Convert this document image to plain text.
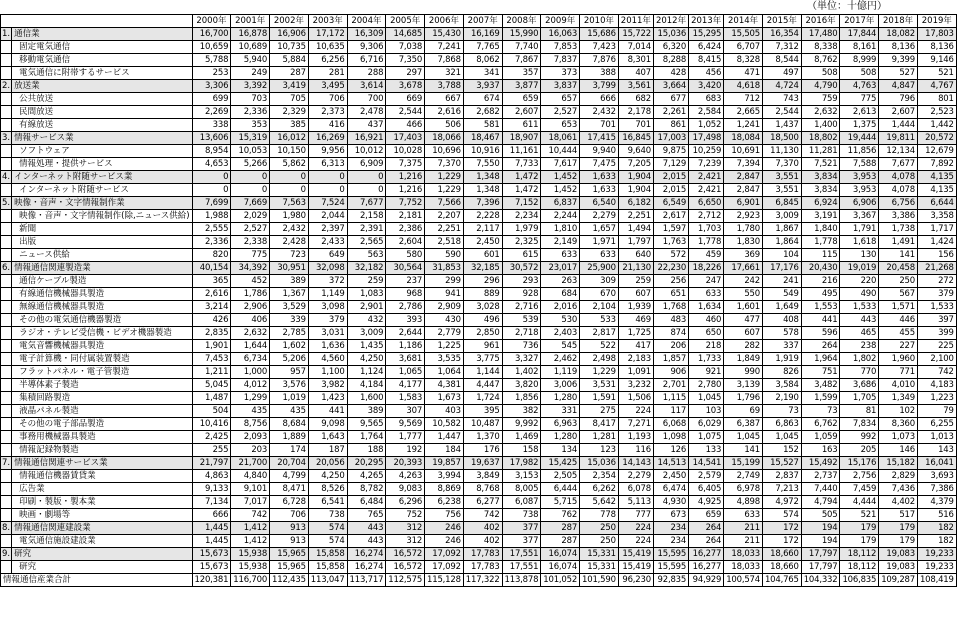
（単位：十億円）
		2000年	2001年	2002年	2003年	2004年	2005年	2006年	2007年	2008年	2009年	2010年	2011年	2012年	2013年	2014年	2015年	2016年	2017年	2018年	2019年
1.	通信業	16,700	16,878	16,906	17,172	16,309	14,685	15,430	16,169	15,990	16,063	15,686	15,722	15,036	15,295	15,505	16,354	17,480	17,844	18,082	17,803
	固定電気通信	10,659	10,689	10,735	10,635	9,306	7,038	7,241	7,765	7,740	7,853	7,423	7,014	6,320	6,424	6,707	7,312	8,338	8,161	8,136	8,136
	移動電気通信	5,788	5,940	5,884	6,256	6,716	7,350	7,868	8,062	7,867	7,837	7,876	8,301	8,288	8,415	8,328	8,544	8,762	8,999	9,399	9,146
	電気通信に附帯するサービス	253	249	287	281	288	297	321	341	357	373	388	407	428	456	471	497	508	508	527	521
2.	放送業	3,306	3,392	3,419	3,495	3,614	3,678	3,788	3,937	3,877	3,837	3,799	3,561	3,664	3,420	4,618	4,724	4,790	4,763	4,847	4,767
	公共放送	699	703	705	706	700	669	667	674	659	657	666	682	677	683	712	743	759	775	796	801
	民間放送	2,269	2,336	2,329	2,373	2,478	2,544	2,616	2,682	2,607	2,527	2,432	2,178	2,261	2,584	2,665	2,544	2,632	2,613	2,607	2,523
	有線放送	338	353	385	416	437	466	506	581	611	653	701	701	861	1,052	1,241	1,437	1,400	1,375	1,444	1,442
3.	情報サービス業	13,606	15,319	16,012	16,269	16,921	17,403	18,066	18,467	18,907	18,061	17,415	16,845	17,003	17,498	18,084	18,500	18,802	19,444	19,811	20,572
	ソフトウェア	8,954	10,053	10,150	9,956	10,012	10,028	10,696	10,916	11,161	10,444	9,940	9,640	9,875	10,259	10,691	11,130	11,281	11,856	12,134	12,679
	情報処理・提供サービス	4,653	5,266	5,862	6,313	6,909	7,375	7,370	7,550	7,733	7,617	7,475	7,205	7,129	7,239	7,394	7,370	7,521	7,588	7,677	7,892
4.	インターネット附随サービス業	0	0	0	0	0	1,216	1,229	1,348	1,472	1,452	1,633	1,904	2,015	2,421	2,847	3,551	3,834	3,953	4,078	4,135
	インターネット附随サービス	0	0	0	0	0	1,216	1,229	1,348	1,472	1,452	1,633	1,904	2,015	2,421	2,847	3,551	3,834	3,953	4,078	4,135
5.	映像・音声・文字情報制作業	7,699	7,669	7,563	7,524	7,677	7,752	7,566	7,396	7,152	6,837	6,540	6,182	6,549	6,650	6,901	6,845	6,924	6,906	6,756	6,644
	映像・音声・文字情報制作(除,ニュース供給)	1,988	2,029	1,980	2,044	2,158	2,181	2,207	2,228	2,234	2,244	2,279	2,251	2,617	2,712	2,923	3,009	3,191	3,367	3,386	3,358
	新聞	2,555	2,527	2,432	2,397	2,391	2,386	2,251	2,117	1,979	1,810	1,657	1,494	1,597	1,703	1,780	1,867	1,840	1,791	1,738	1,717
	出版	2,336	2,338	2,428	2,433	2,565	2,604	2,518	2,450	2,325	2,149	1,971	1,797	1,763	1,778	1,830	1,864	1,778	1,618	1,491	1,424
	ニュース供給	820	775	723	649	563	580	590	601	615	633	633	640	572	459	369	104	115	130	141	156
6.	情報通信関連製造業	40,154	34,392	30,951	32,098	32,182	30,564	31,853	32,185	30,572	23,017	25,900	21,130	22,230	18,226	17,661	17,176	20,430	19,019	20,458	21,268
	通信ケーブル製造	365	452	389	372	259	237	299	296	293	263	309	259	256	247	242	241	216	220	250	272
	有線通信機械器具製造	2,616	1,786	1,367	1,149	1,083	968	941	889	928	684	670	607	651	633	550	549	495	490	567	379
	無線通信機械器具製造	3,214	2,906	3,529	3,098	2,901	2,786	2,909	3,028	2,716	2,016	2,104	1,939	1,768	1,634	1,601	1,649	1,553	1,533	1,571	1,533
	その他の電気通信機器製造	426	406	339	379	432	393	430	496	539	530	533	469	483	460	477	408	441	443	446	397
	ラジオ・テレビ受信機・ビデオ機器製造	2,835	2,632	2,785	3,031	3,009	2,644	2,779	2,850	2,718	2,403	2,817	1,725	874	650	607	578	596	465	455	399
	電気音響機械器具製造	1,901	1,644	1,602	1,636	1,435	1,186	1,225	961	736	545	522	417	206	218	282	337	264	238	227	225
	電子計算機・同付属装置製造	7,453	6,734	5,206	4,560	4,250	3,681	3,535	3,775	3,327	2,462	2,498	2,183	1,857	1,733	1,849	1,919	1,964	1,802	1,960	2,100
	フラットパネル・電子管製造	1,211	1,000	957	1,100	1,124	1,065	1,064	1,144	1,402	1,119	1,229	1,091	906	921	990	826	751	770	771	742
	半導体素子製造	5,045	4,012	3,576	3,982	4,184	4,177	4,381	4,447	3,820	3,006	3,531	3,232	2,701	2,780	3,139	3,584	3,482	3,686	4,010	4,183
	集積回路製造	1,487	1,299	1,019	1,423	1,600	1,583	1,673	1,724	1,856	1,280	1,591	1,506	1,115	1,045	1,796	2,190	1,599	1,705	1,349	1,223
	液晶パネル製造	504	435	435	441	389	307	403	395	382	331	275	224	117	103	69	73	73	81	102	79
	その他の電子部品製造	10,416	8,756	8,684	9,098	9,565	9,569	10,582	10,487	9,992	6,963	8,417	7,271	6,068	6,029	6,387	6,863	6,762	7,834	8,360	6,255
	事務用機械器具製造	2,425	2,093	1,889	1,643	1,764	1,777	1,447	1,370	1,469	1,280	1,281	1,193	1,098	1,075	1,045	1,045	1,059	992	1,073	1,013
	情報記録物製造	255	203	174	187	188	192	184	176	158	134	123	116	126	133	141	152	163	205	146	143
7.	情報通信関連サービス業	21,797	21,700	20,704	20,056	20,295	20,393	19,857	19,637	17,982	15,425	15,036	14,143	14,513	14,541	15,199	15,527	15,492	15,176	15,182	16,041
	情報通信機器賃貸業	4,863	4,840	4,799	4,250	4,265	4,263	3,994	3,849	3,153	2,505	2,354	2,279	2,450	2,579	2,749	2,837	2,737	2,756	2,829	3,693
	広告業	9,133	9,101	8,471	8,526	8,782	9,083	8,869	8,768	8,005	6,444	6,262	6,078	6,474	6,405	6,978	7,213	7,440	7,459	7,436	7,386
	印刷・製版・製本業	7,134	7,017	6,728	6,541	6,484	6,296	6,238	6,277	6,087	5,715	5,642	5,113	4,930	4,925	4,898	4,972	4,794	4,444	4,402	4,379
	映画・劇場等	666	742	706	738	765	752	756	742	738	762	778	777	673	659	633	574	505	521	517	516
8.	情報通信関連建設業	1,445	1,412	913	574	443	312	246	402	377	287	250	224	234	264	211	172	194	179	179	182
	電気通信施設建設業	1,445	1,412	913	574	443	312	246	402	377	287	250	224	234	264	211	172	194	179	179	182
9.	研究	15,673	15,938	15,965	15,858	16,274	16,572	17,092	17,783	17,551	16,074	15,331	15,419	15,595	16,277	18,033	18,660	17,797	18,112	19,083	19,233
	研究	15,673	15,938	15,965	15,858	16,274	16,572	17,092	17,783	17,551	16,074	15,331	15,419	15,595	16,277	18,033	18,660	17,797	18,112	19,083	19,233
情報通信産業合計		120,381	116,700	112,435	113,047	113,717	112,575	115,128	117,322	113,878	101,052	101,590	96,230	92,835	94,929	100,574	104,765	104,332	106,835	109,287	108,419
